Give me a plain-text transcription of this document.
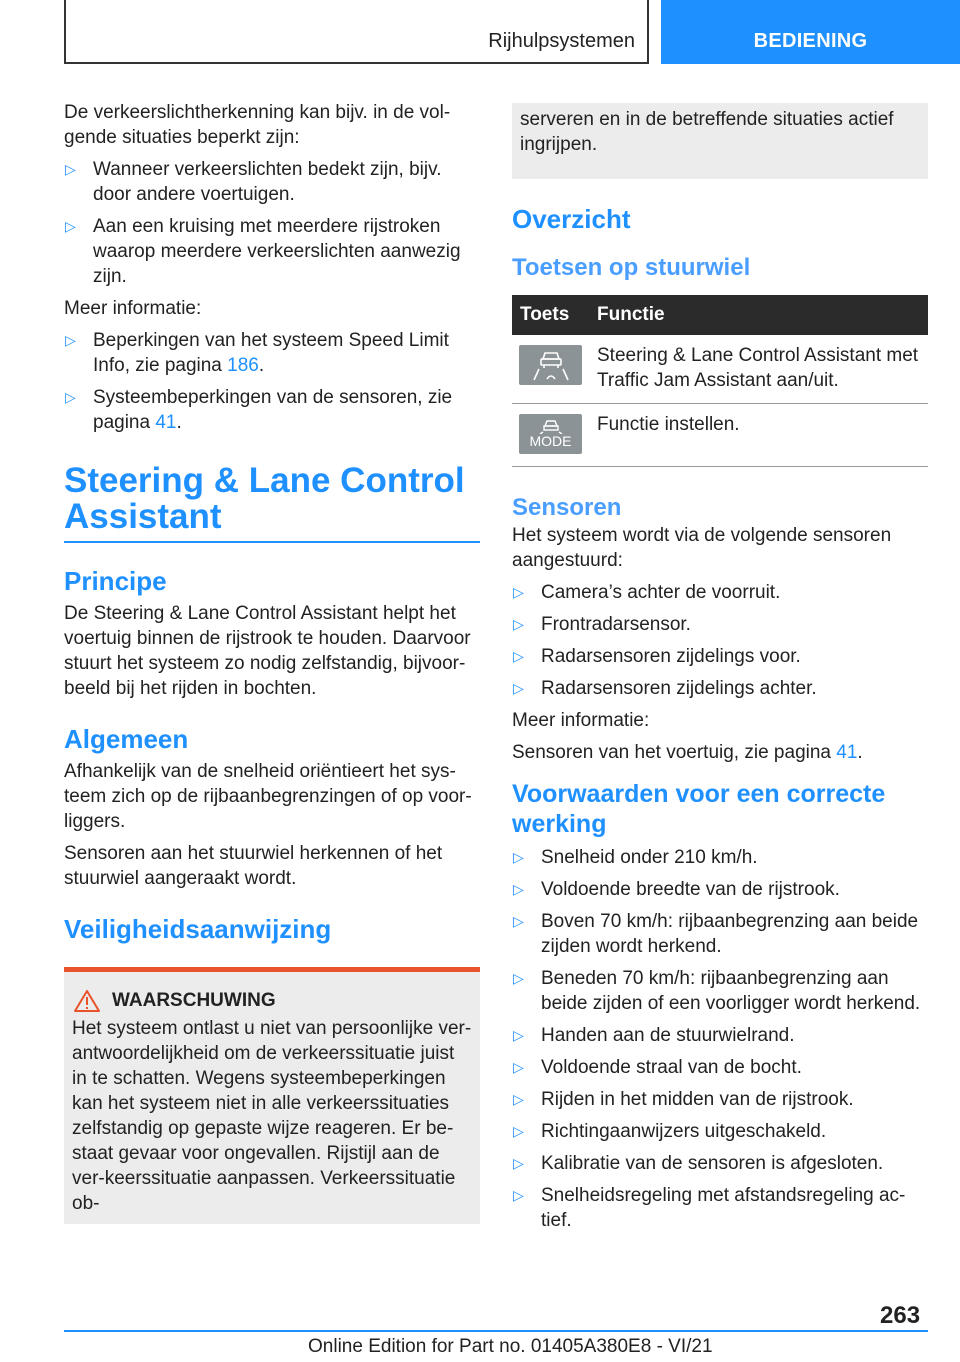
Rijhulpsystemen	BEDIENING

De verkeerslichtherkenning kan bijv. in de vol-gende situaties beperkt zijn:

▷ Wanneer verkeerslichten bedekt zijn, bijv. door andere voertuigen.
▷ Aan een kruising met meerdere rijstroken waarop meerdere verkeerslichten aanwezig zijn.

Meer informatie:

▷ Beperkingen van het systeem Speed Limit Info, zie pagina 186.
▷ Systeembeperkingen van de sensoren, zie pagina 41.
Steering & Lane Control Assistant
Principe

De Steering & Lane Control Assistant helpt het voertuig binnen de rijstrook te houden. Daarvoor stuurt het systeem zo nodig zelfstandig, bijvoor-beeld bij het rijden in bochten.

Algemeen

Afhankelijk van de snelheid oriëntieert het sys-teem zich op de rijbaanbegrenzingen of op voor-liggers.

Sensoren aan het stuurwiel herkennen of het stuurwiel aangeraakt wordt.

Veiligheidsaanwijzing
WAARSCHUWING

Het systeem ontlast u niet van persoonlijke ver-antwoordelijkheid om de verkeerssituatie juist in te schatten. Wegens systeembeperkingen kan het systeem niet in alle verkeerssituaties zelfstandig op gepaste wijze reageren. Er be-staat gevaar voor ongevallen. Rijstijl aan de ver-keerssituatie aanpassen. Verkeerssituatie ob-

serveren en in de betreffende situaties actief ingrijpen.

Overzicht
Toetsen op stuurwiel
Toets	Functie

	Steering & Lane Control Assistant met Traffic Jam Assistant aan/uit.

MODE	Functie instellen.
Sensoren

Het systeem wordt via de volgende sensoren aangestuurd:

▷ Camera’s achter de voorruit.
▷ Frontradarsensor.
▷ Radarsensoren zijdelings voor.
▷ Radarsensoren zijdelings achter.

Meer informatie:

Sensoren van het voertuig, zie pagina 41.

Voorwaarden voor een correcte werking
▷ Snelheid onder 210 km/h.
▷ Voldoende breedte van de rijstrook.
▷ Boven 70 km/h: rijbaanbegrenzing aan beide zijden wordt herkend.
▷ Beneden 70 km/h: rijbaanbegrenzing aan beide zijden of een voorligger wordt herkend.
▷ Handen aan de stuurwielrand.
▷ Voldoende straal van de bocht.
▷ Rijden in het midden van de rijstrook.
▷ Richtingaanwijzers uitgeschakeld.
▷ Kalibratie van de sensoren is afgesloten.
▷ Snelheidsregeling met afstandsregeling ac-tief.
263
Online Edition for Part no. 01405A380E8 - VI/21
